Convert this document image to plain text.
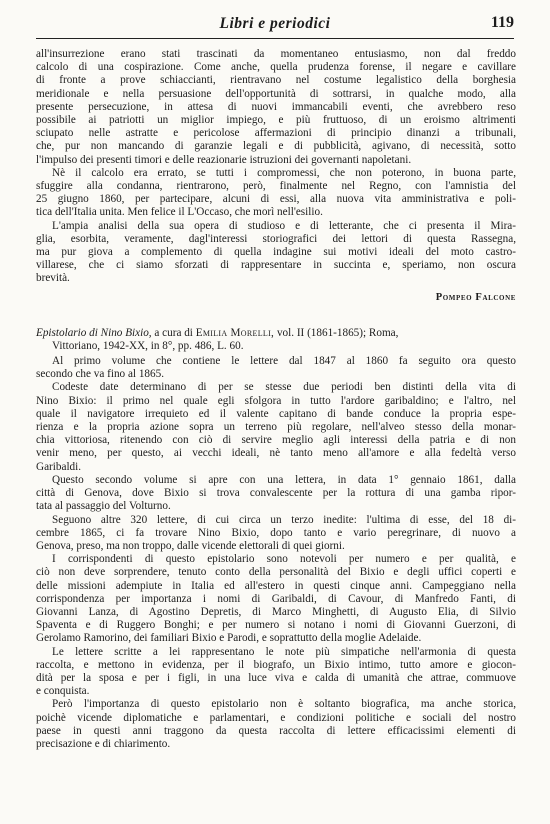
Libri e periodici	119
all'insurrezione erano stati trascinati da momentaneo entusiasmo, non dal freddo
calcolo di una cospirazione. Come anche, quella prudenza forense, il negare e cavillare
di fronte a prove schiaccianti, rientravano nel costume legalistico della borghesia
meridionale e nella persuasione dell'opportunità di sottrarsi, in qualche modo, alla
presente persecuzione, in attesa di nuovi immancabili eventi, che avrebbero reso
possibile ai patriotti un miglior impiego, e più fruttuoso, di un eroismo altrimenti
sciupato nelle astratte e pericolose affermazioni di principio dinanzi a tribunali,
che, pur non mancando di garanzie legali e di pubblicità, agivano, di necessità, sotto
l'impulso dei presenti timori e delle reazionarie istruzioni dei governanti napoletani.
Nè il calcolo era errato, se tutti i compromessi, che non poterono, in buona parte,
sfuggire alla condanna, rientrarono, però, finalmente nel Regno, con l'amnistia del
25 giugno 1860, per partecipare, alcuni di essi, alla nuova vita amministrativa e poli-
tica dell'Italia unita. Men felice il L'Occaso, che morì nell'esilio.
L'ampia analisi della sua opera di studioso e di letterante, che ci presenta il Mira-
glia, esorbita, veramente, dagl'interessi storiografici dei lettori di questa Rassegna,
ma pur giova a complemento di quella indagine sui motivi ideali del moto castro-
villarese, che ci siamo sforzati di rappresentare in succinta e, speriamo, non oscura
brevità.
Pompeo Falcone
Epistolario di Nino Bixio, a cura di Emilia Morelli, vol. II (1861-1865); Roma,
Vittoriano, 1942-XX, in 8°, pp. 486, L. 60.
Al primo volume che contiene le lettere dal 1847 al 1860 fa seguito ora questo
secondo che va fino al 1865.
Codeste date determinano di per se stesse due periodi ben distinti della vita di
Nino Bixio: il primo nel quale egli sfolgora in tutto l'ardore garibaldino; e l'altro, nel
quale il navigatore irrequieto ed il valente capitano di bande conduce la propria espe-
rienza e la propria azione sopra un terreno più regolare, nell'alveo stesso della monar-
chia vittoriosa, ritenendo con ciò di servire meglio agli interessi della patria e di non
venir meno, per questo, ai vecchi ideali, nè tanto meno all'amore e alla fedeltà verso
Garibaldi.
Questo secondo volume si apre con una lettera, in data 1° gennaio 1861, dalla
città di Genova, dove Bixio si trova convalescente per la rottura di una gamba ripor-
tata al passaggio del Volturno.
Seguono altre 320 lettere, di cui circa un terzo inedite: l'ultima di esse, del 18 di-
cembre 1865, ci fa trovare Nino Bixio, dopo tanto e vario peregrinare, di nuovo a
Genova, preso, ma non troppo, dalle vicende elettorali di quei giorni.
I corrispondenti di questo epistolario sono notevoli per numero e per qualità, e
ciò non deve sorprendere, tenuto conto della personalità del Bixio e degli uffici coperti e
delle missioni adempiute in Italia ed all'estero in questi cinque anni. Campeggiano nella
corrispondenza per importanza i nomi di Garibaldi, di Cavour, di Manfredo Fanti, di
Giovanni Lanza, di Agostino Depretis, di Marco Minghetti, di Augusto Elia, di Silvio
Spaventa e di Ruggero Bonghi; e per numero si notano i nomi di Giovanni Guerzoni, di
Gerolamo Ramorino, dei familiari Bixio e Parodi, e soprattutto della moglie Adelaide.
Le lettere scritte a lei rappresentano le note più simpatiche nell'armonia di questa
raccolta, e mettono in evidenza, per il biografo, un Bixio intimo, tutto amore e giocon-
dità per la sposa e per i figli, in una luce viva e calda di umanità che attrae, commuove
e conquista.
Però l'importanza di questo epistolario non è soltanto biografica, ma anche storica,
poichè vicende diplomatiche e parlamentari, e condizioni politiche e sociali del nostro
paese in questi anni traggono da questa raccolta di lettere efficacissimi elementi di
precisazione e di chiarimento.
